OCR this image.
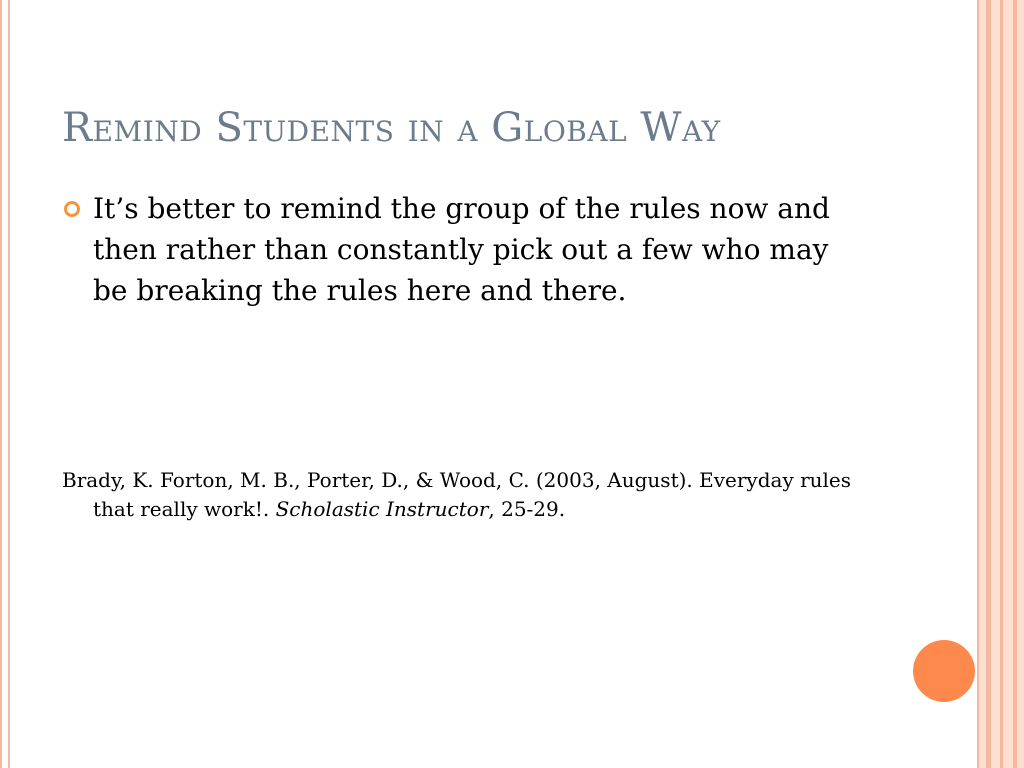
Remind Students in a Global Way
It’s better to remind the group of the rules now and then rather than constantly pick out a few who may be breaking the rules here and there.

Brady, K. Forton, M. B., Porter, D., & Wood, C. (2003, August). Everyday rules that really work!. Scholastic Instructor, 25-29.
